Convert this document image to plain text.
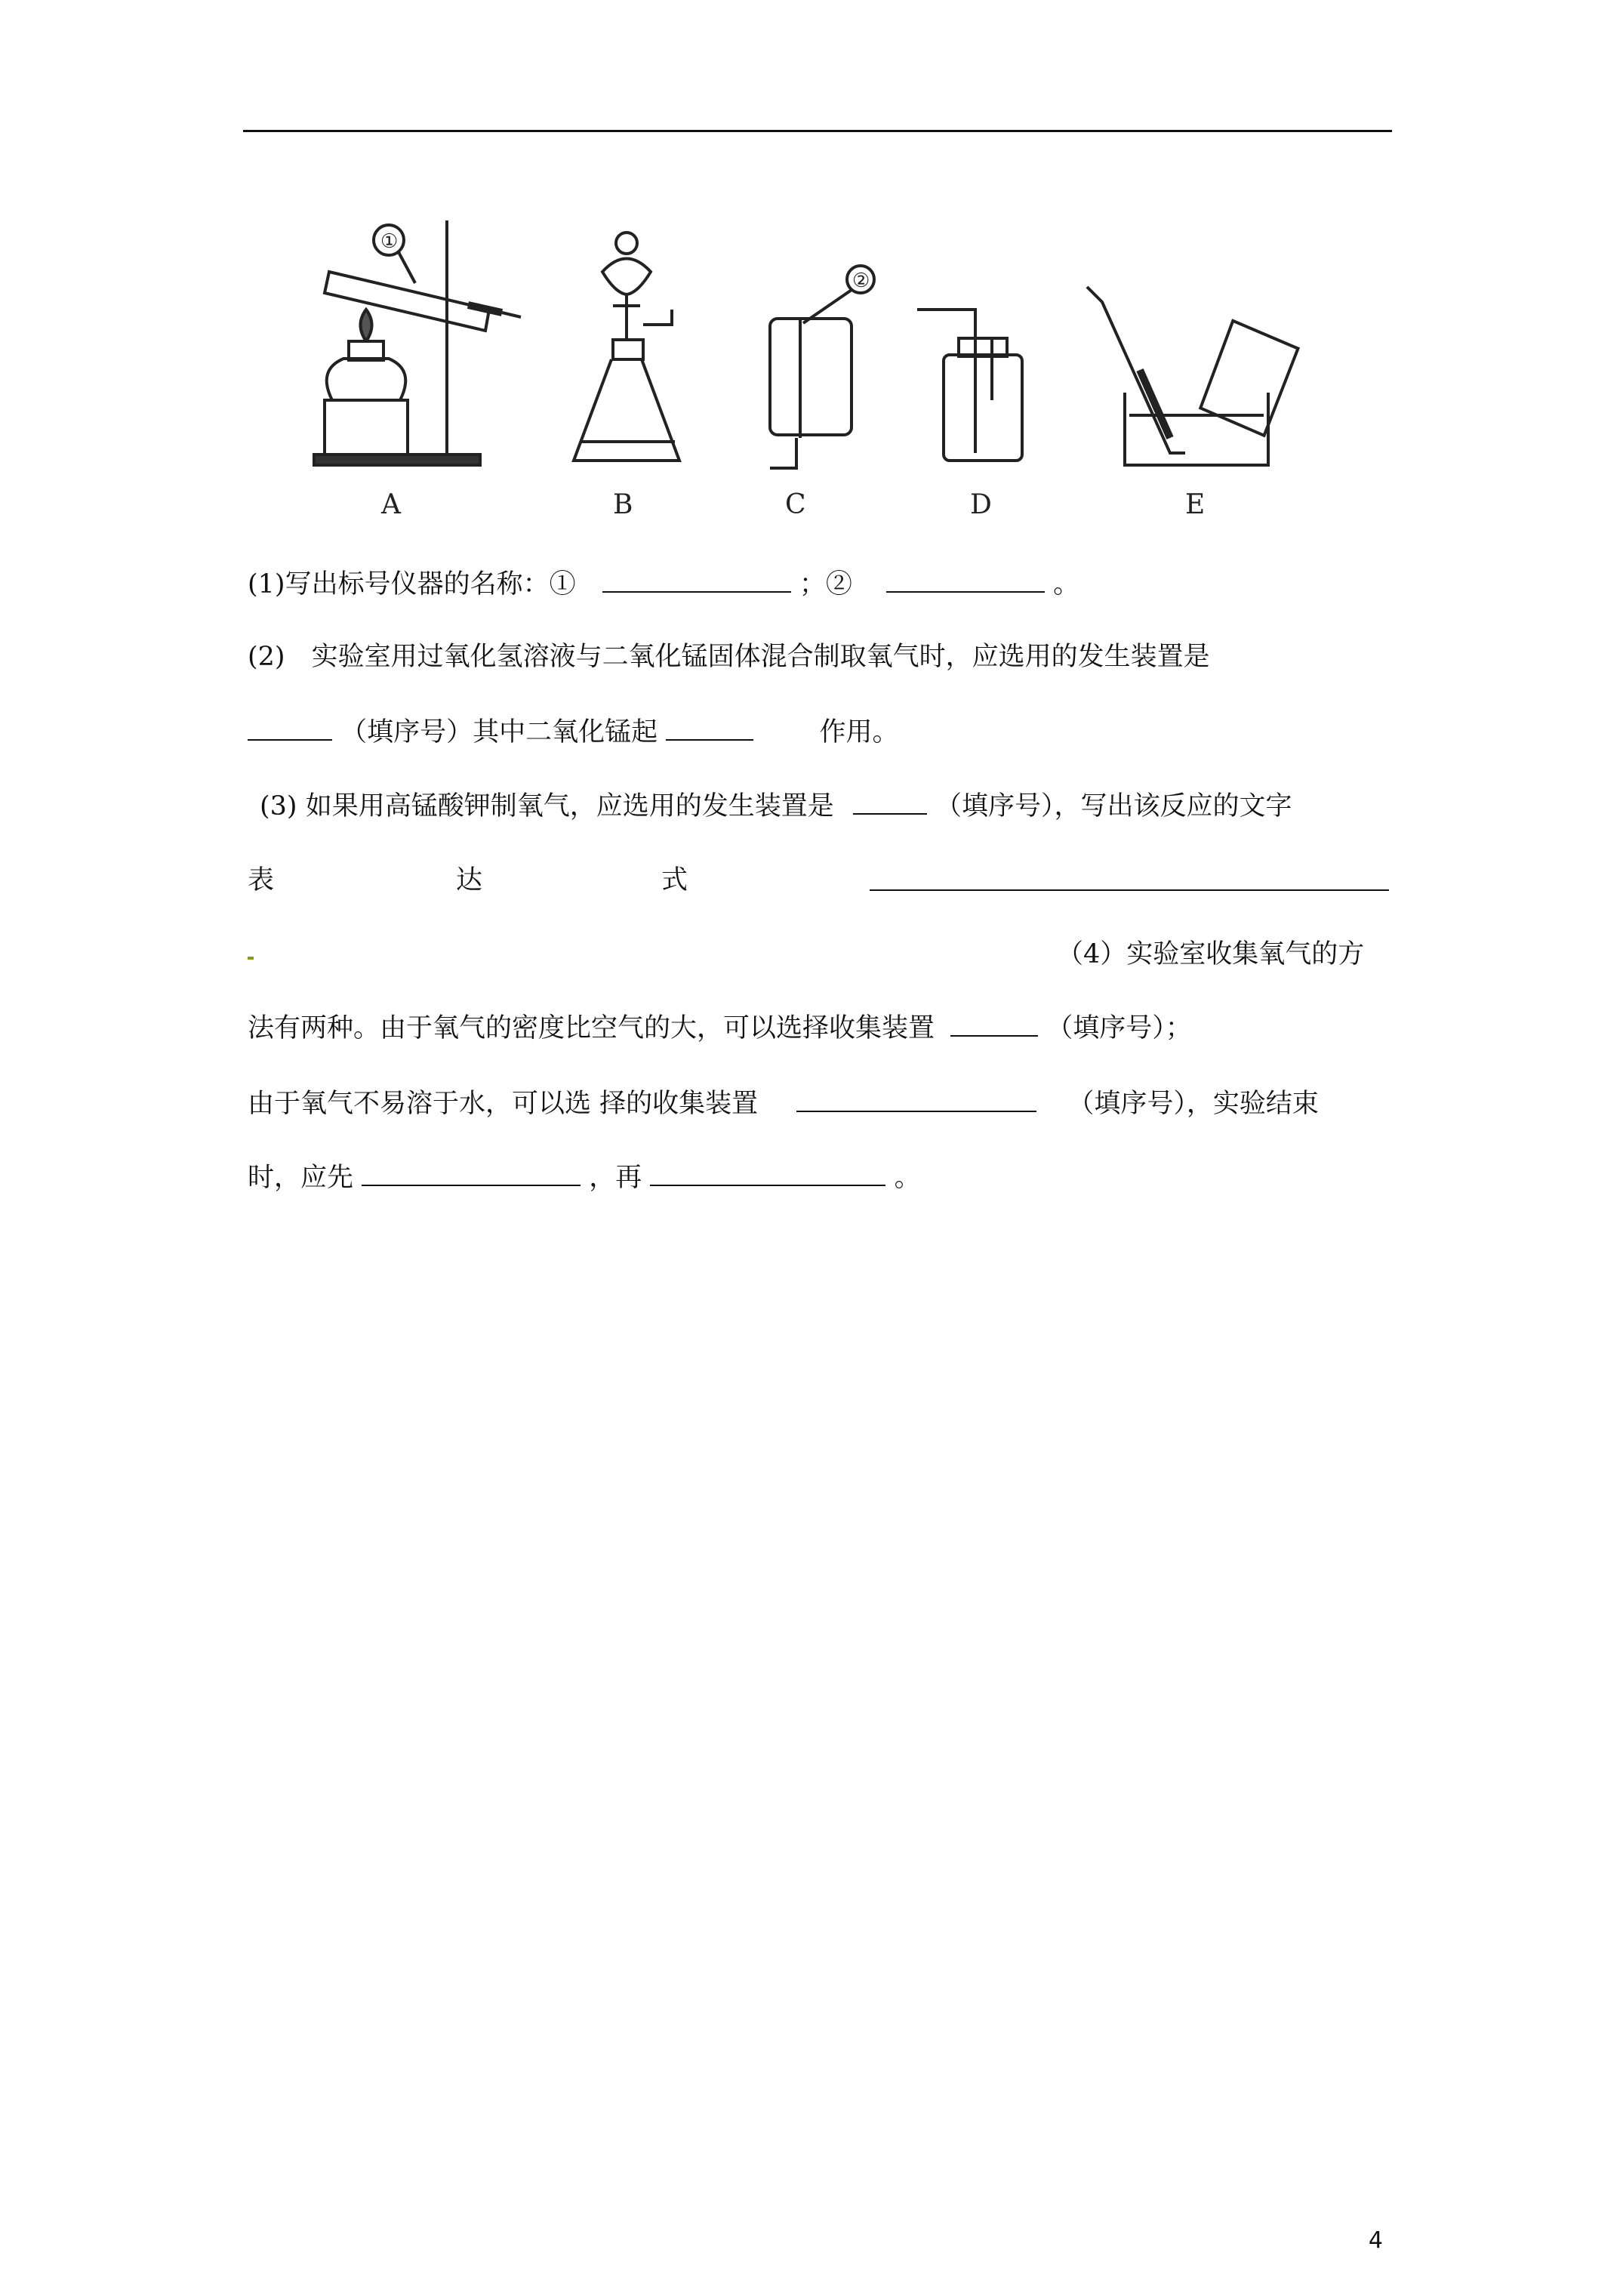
①
②
A	B	C	D	E
(1)写出标号仪器的名称：①	；②	。
(2)　实验室用过氧化氢溶液与二氧化锰固体混合制取氧气时，应选用的发生装置是
（填序号）其中二氧化锰起	作用。
(3) 如果用高锰酸钾制氧气，应选用的发生装置是	（填序号），写出该反应的文字
表	达	式
（4）实验室收集氧气的方
法有两种。由于氧气的密度比空气的大，可以选择收集装置	（填序号）；
由于氧气不易溶于水，可以选 择的收集装置	（填序号），实验结束
时，应先	，再	。
4
